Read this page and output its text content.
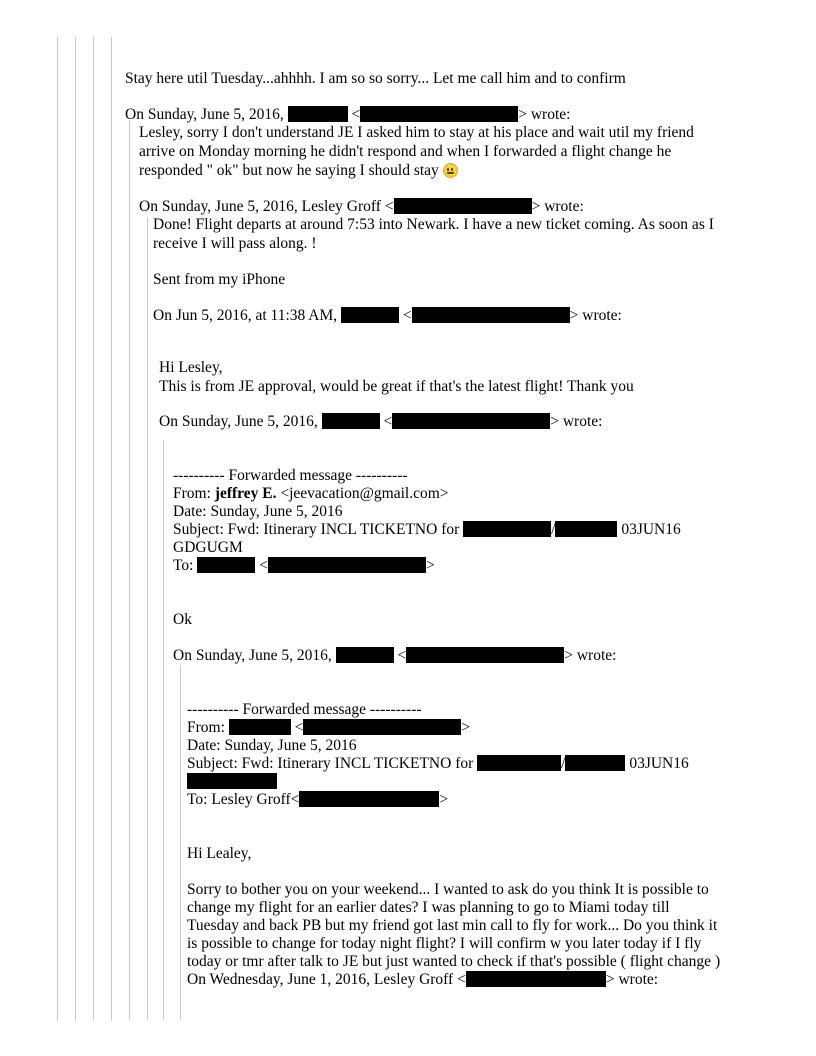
Stay here util Tuesday...ahhhh. I am so so sorry... Let me call him and to confirm
On Sunday, June 5, 2016,	<	> wrote:
Lesley, sorry I don't understand JE I asked him to stay at his place and wait util my friend
arrive on Monday morning he didn't respond and when I forwarded a flight change he
responded " ok" but now he saying I should stay
On Sunday, June 5, 2016, Lesley Groff <	> wrote:
Done! Flight departs at around 7:53 into Newark. I have a new ticket coming. As soon as I
receive I will pass along. !
Sent from my iPhone
On Jun 5, 2016, at 11:38 AM,	<	> wrote:
Hi Lesley,
This is from JE approval, would be great if that's the latest flight! Thank you
On Sunday, June 5, 2016,	<	> wrote:
---------- Forwarded message ----------
From: jeffrey E. <jeevacation@gmail.com>
Date: Sunday, June 5, 2016
Subject: Fwd: Itinerary INCL TICKETNO for	/	03JUN16
GDGUGM
To:	<	>
Ok
On Sunday, June 5, 2016,	<	> wrote:
---------- Forwarded message ----------
From:	<	>
Date: Sunday, June 5, 2016
Subject: Fwd: Itinerary INCL TICKETNO for	/	03JUN16
To: Lesley Groff<	>
Hi Lealey,
Sorry to bother you on your weekend... I wanted to ask do you think It is possible to
change my flight for an earlier dates? I was planning to go to Miami today till
Tuesday and back PB but my friend got last min call to fly for work... Do you think it
is possible to change for today night flight? I will confirm w you later today if I fly
today or tmr after talk to JE but just wanted to check if that's possible ( flight change )
On Wednesday, June 1, 2016, Lesley Groff <	> wrote:
